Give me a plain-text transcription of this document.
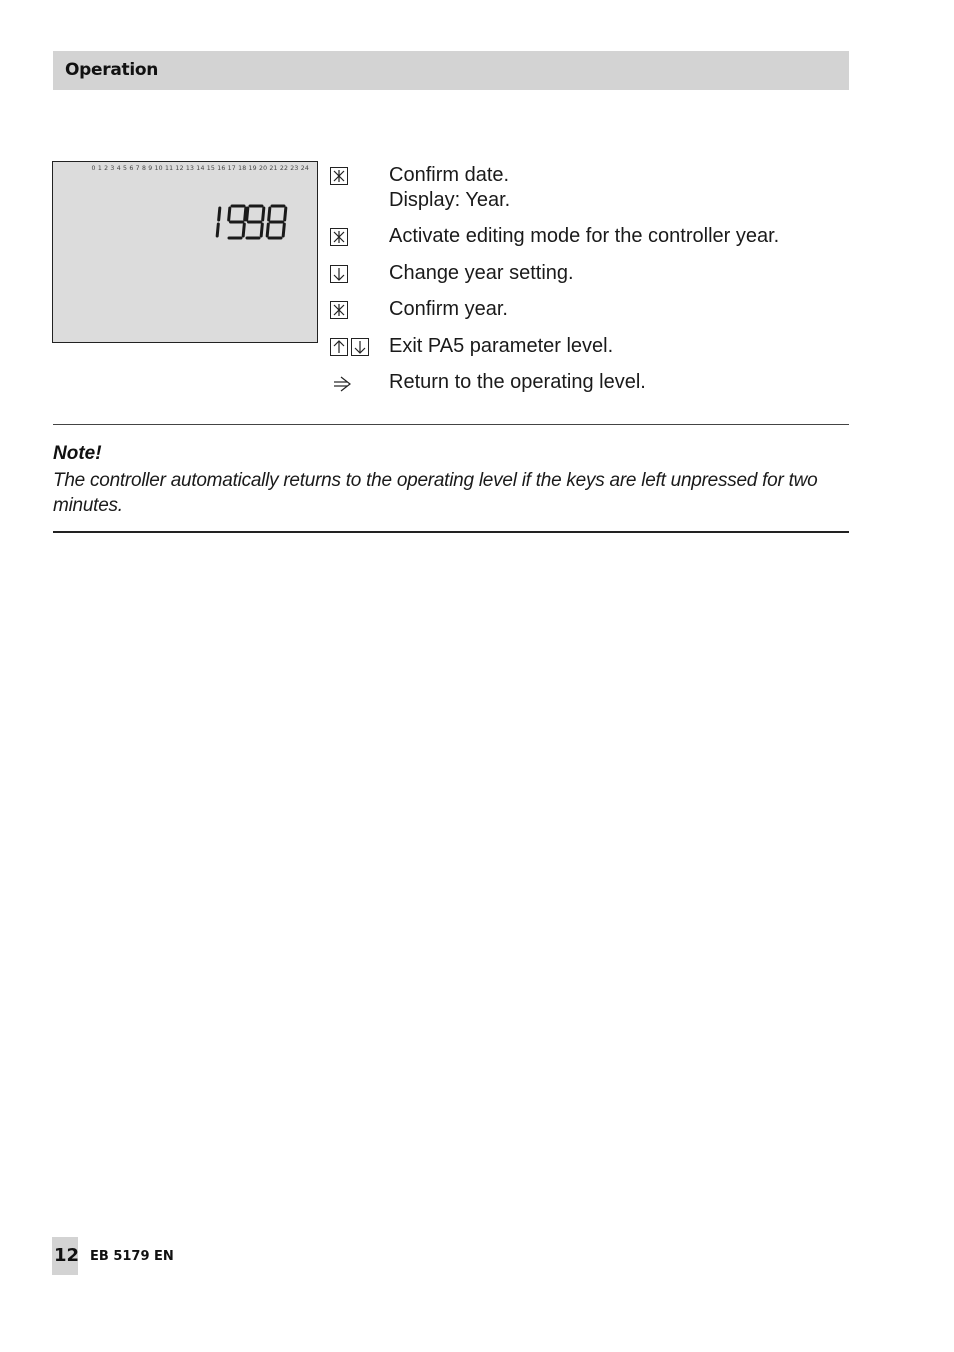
Operation
0 1 2 3 4 5 6 7 8 9 10 11 12 13 14 15 16 17 18 19 20 21 22 23 24	Confirm date.
Display: Year.
Activate editing mode for the controller year.
Change year setting.
Confirm year.
Exit PA5 parameter level.
Return to the operating level.
Note!
The controller automatically returns to the operating level if the keys are left unpressed for two minutes.
12 EB 5179 EN
